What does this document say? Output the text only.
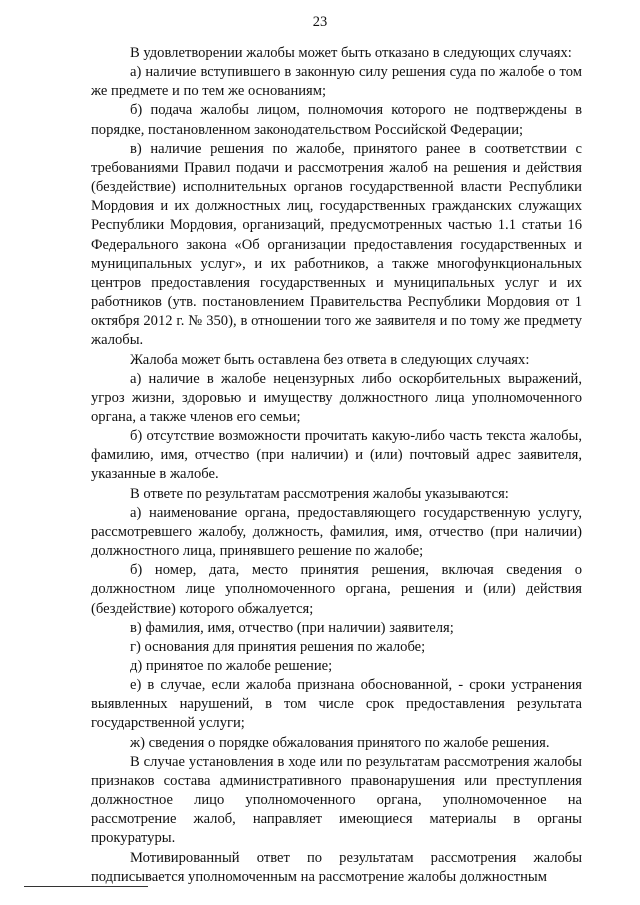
23

В удовлетворении жалобы может быть отказано в следующих случаях:

а) наличие вступившего в законную силу решения суда по жалобе о том же предмете и по тем же основаниям;

б) подача жалобы лицом, полномочия которого не подтверждены в порядке, постановленном законодательством Российской Федерации;

в) наличие решения по жалобе, принятого ранее в соответствии с требованиями Правил подачи и рассмотрения жалоб на решения и действия (бездействие) исполнительных органов государственной власти Республики Мордовия и их должностных лиц, государственных гражданских служащих Республики Мордовия, организаций, предусмотренных частью 1.1 статьи 16 Федерального закона «Об организации предоставления государственных и муниципальных услуг», и их работников, а также многофункциональных центров предоставления государственных и муниципальных услуг и их работников (утв. постановлением Правительства Республики Мордовия от 1 октября 2012 г. № 350), в отношении того же заявителя и по тому же предмету жалобы.

Жалоба может быть оставлена без ответа в следующих случаях:

а) наличие в жалобе нецензурных либо оскорбительных выражений, угроз жизни, здоровью и имуществу должностного лица уполномоченного органа, а также членов его семьи;

б) отсутствие возможности прочитать какую-либо часть текста жалобы, фамилию, имя, отчество (при наличии) и (или) почтовый адрес заявителя, указанные в жалобе.

В ответе по результатам рассмотрения жалобы указываются:

а) наименование органа, предоставляющего государственную услугу, рассмотревшего жалобу, должность, фамилия, имя, отчество (при наличии) должностного лица, принявшего решение по жалобе;

б) номер, дата, место принятия решения, включая сведения о должностном лице уполномоченного органа, решения и (или) действия (бездействие) которого обжалуется;

в) фамилия, имя, отчество (при наличии) заявителя;

г) основания для принятия решения по жалобе;

д) принятое по жалобе решение;

е) в случае, если жалоба признана обоснованной, - сроки устранения выявленных нарушений, в том числе срок предоставления результата государственной услуги;

ж) сведения о порядке обжалования принятого по жалобе решения.

В случае установления в ходе или по результатам рассмотрения жалобы признаков состава административного правонарушения или преступления должностное лицо уполномоченного органа, уполномоченное на рассмотрение жалоб, направляет имеющиеся материалы в органы прокуратуры.

Мотивированный ответ по результатам рассмотрения жалобы подписывается уполномоченным на рассмотрение жалобы должностным
